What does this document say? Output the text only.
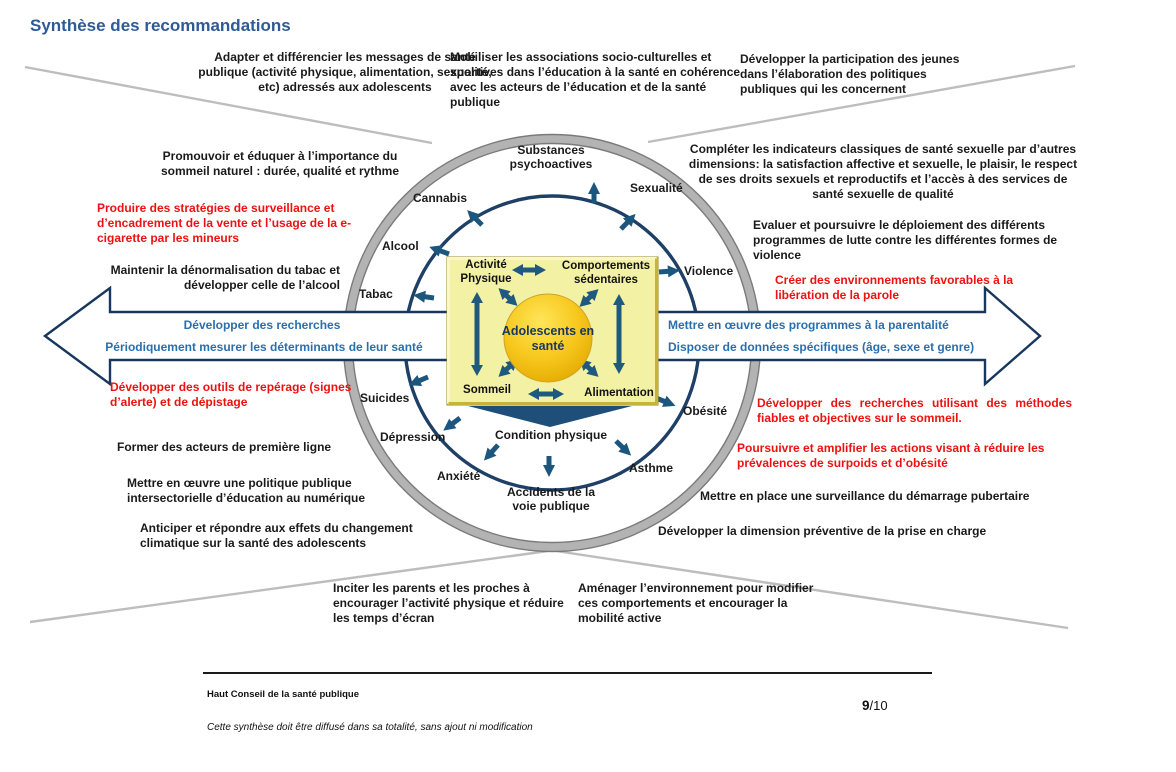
Synthèse des recommandations
Adapter et différencier les messages de santé publique (activité physique, alimentation, sexualité, etc) adressés aux adolescents
Mobiliser les associations socio-culturelles et sportives dans l’éducation à la santé en cohérence avec les acteurs de l’éducation et de la santé publique
Développer la participation des jeunes dans l’élaboration des politiques publiques qui les concernent
Promouvoir et éduquer à l’importance du sommeil naturel : durée, qualité et rythme
Produire des stratégies de surveillance et d’encadrement de la vente et l’usage de la e-cigarette par les mineurs
Maintenir la dénormalisation du tabac et développer celle de l’alcool
Développer des outils de repérage (signes d’alerte) et de dépistage
Former des acteurs de première ligne
Mettre en œuvre une politique publique intersectorielle d’éducation au numérique
Anticiper et répondre aux effets du changement climatique sur la santé des adolescents
Compléter les indicateurs classiques de santé sexuelle par d’autres dimensions: la satisfaction affective et sexuelle, le plaisir, le respect de ses droits sexuels et reproductifs et l’accès à des services de santé sexuelle de qualité
Evaluer et poursuivre le déploiement des différents programmes de lutte contre les différentes formes de violence
Créer des environnements favorables à la libération de la parole
Développer des recherches utilisant des méthodes fiables et objectives sur le sommeil.
Poursuivre et amplifier les actions visant à réduire les prévalences de surpoids et d’obésité
Mettre en place une surveillance du démarrage pubertaire
Développer la dimension préventive de la prise en charge
Inciter les parents et les proches à encourager l’activité physique et réduire les temps d’écran
Aménager l’environnement pour modifier ces comportements et encourager la mobilité active
Développer des recherches
Périodiquement mesurer les déterminants de leur santé
Mettre en œuvre des programmes à la parentalité
Disposer de données spécifiques (âge, sexe et genre)
Substances psychoactives
Cannabis
Sexualité
Alcool
Tabac
Violence
Suicides
Dépression
Anxiété
Accidents de la voie publique
Condition physique
Asthme
Obésité
Activité Physique
Comportements sédentaires
Sommeil	Alimentation
Adolescents en santé
Haut Conseil de la santé publique
Cette synthèse doit être diffusé dans sa totalité, sans ajout ni modification
9/10
